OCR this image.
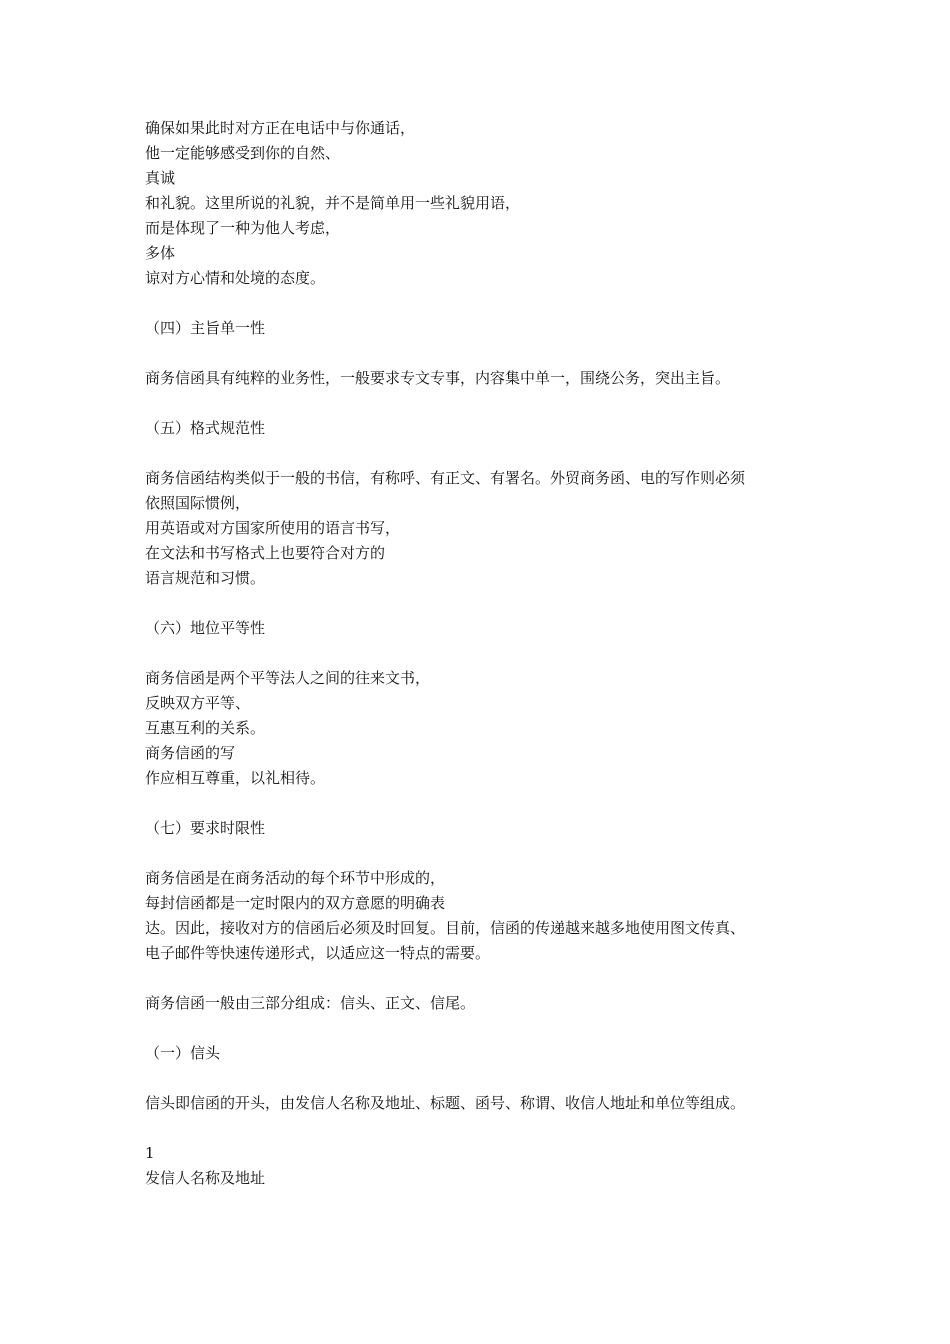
确保如果此时对方正在电话中与你通话，
他一定能够感受到你的自然、
真诚
和礼貌。这里所说的礼貌，并不是简单用一些礼貌用语，
而是体现了一种为他人考虑，
多体
谅对方心情和处境的态度。
（四）主旨单一性
商务信函具有纯粹的业务性，一般要求专文专事，内容集中单一，围绕公务，突出主旨。
（五）格式规范性
商务信函结构类似于一般的书信，有称呼、有正文、有署名。外贸商务函、电的写作则必须
依照国际惯例，
用英语或对方国家所使用的语言书写，
在文法和书写格式上也要符合对方的
语言规范和习惯。
（六）地位平等性
商务信函是两个平等法人之间的往来文书，
反映双方平等、
互惠互利的关系。
商务信函的写
作应相互尊重，以礼相待。
（七）要求时限性
商务信函是在商务活动的每个环节中形成的，
每封信函都是一定时限内的双方意愿的明确表
达。因此，接收对方的信函后必须及时回复。目前，信函的传递越来越多地使用图文传真、
电子邮件等快速传递形式，以适应这一特点的需要。
商务信函一般由三部分组成：信头、正文、信尾。
（一）信头
信头即信函的开头，由发信人名称及地址、标题、函号、称谓、收信人地址和单位等组成。
1
发信人名称及地址
